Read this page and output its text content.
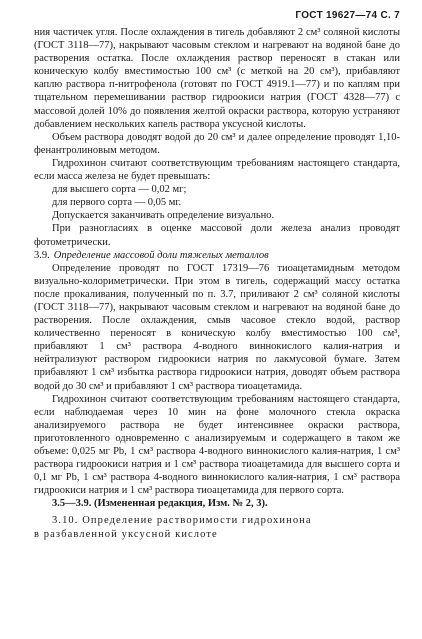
ГОСТ 19627—74 С. 7

ния частичек угля. После охлаждения в тигель добавляют 2 см³ соляной кислоты (ГОСТ 3118—77), накрывают часовым стеклом и нагревают на водяной бане до растворения остатка. После охлаждения раствор переносят в стакан или коническую колбу вместимостью 100 см³ (с меткой на 20 см³), прибавляют каплю раствора п-нитрофенола (готовят по ГОСТ 4919.1—77) и по каплям при тщательном перемешивании раствор гидроокиси натрия (ГОСТ 4328—77) с массовой долей 10% до появления желтой окраски раствора, которую устраняют добавлением нескольких капель раствора уксусной кислоты.

Объем раствора доводят водой до 20 см³ и далее определение проводят 1,10-фенантролиновым методом.

Гидрохинон считают соответствующим требованиям настоящего стандарта, если масса железа не будет превышать:

для высшего сорта — 0,02 мг;

для первого сорта — 0,05 мг.

Допускается заканчивать определение визуально.

При разногласиях в оценке массовой доли железа анализ проводят фотометрически.

3.9. Определение массовой доли тяжелых металлов

Определение проводят по ГОСТ 17319—76 тиоацетамидным методом визуально-колориметрически. При этом в тигель, содержащий массу остатка после прокаливания, полученный по п. 3.7, приливают 2 см³ соляной кислоты (ГОСТ 3118—77), накрывают часовым стеклом и нагревают на водяной бане до растворения. После охлаждения, смыв часовое стекло водой, раствор количественно переносят в коническую колбу вместимостью 100 см³, прибавляют 1 см³ раствора 4-водного виннокислого калия-натрия и нейтрализуют раствором гидроокиси натрия по лакмусовой бумаге. Затем прибавляют 1 см³ избытка раствора гидроокиси натрия, доводят объем раствора водой до 30 см³ и прибавляют 1 см³ раствора тиоацетамида.

Гидрохинон считают соответствующим требованиям настоящего стандарта, если наблюдаемая через 10 мин на фоне молочного стекла окраска анализируемого раствора не будет интенсивнее окраски раствора, приготовленного одновременно с анализируемым и содержащего в таком же объеме: 0,025 мг Pb, 1 см³ раствора 4-водного виннокислого калия-натрия, 1 см³ раствора гидроокиси натрия и 1 см³ раствора тиоацетамида для высшего сорта и 0,1 мг Pb, 1 см³ раствора 4-водного виннокислого калия-натрия, 1 см³ раствора гидроокиси натрия и 1 см³ раствора тиоацетамида для первого сорта.

3.5—3.9. (Измененная редакция, Изм. № 2, 3).

3.10. Определение растворимости гидрохинона

в разбавленной уксусной кислоте
